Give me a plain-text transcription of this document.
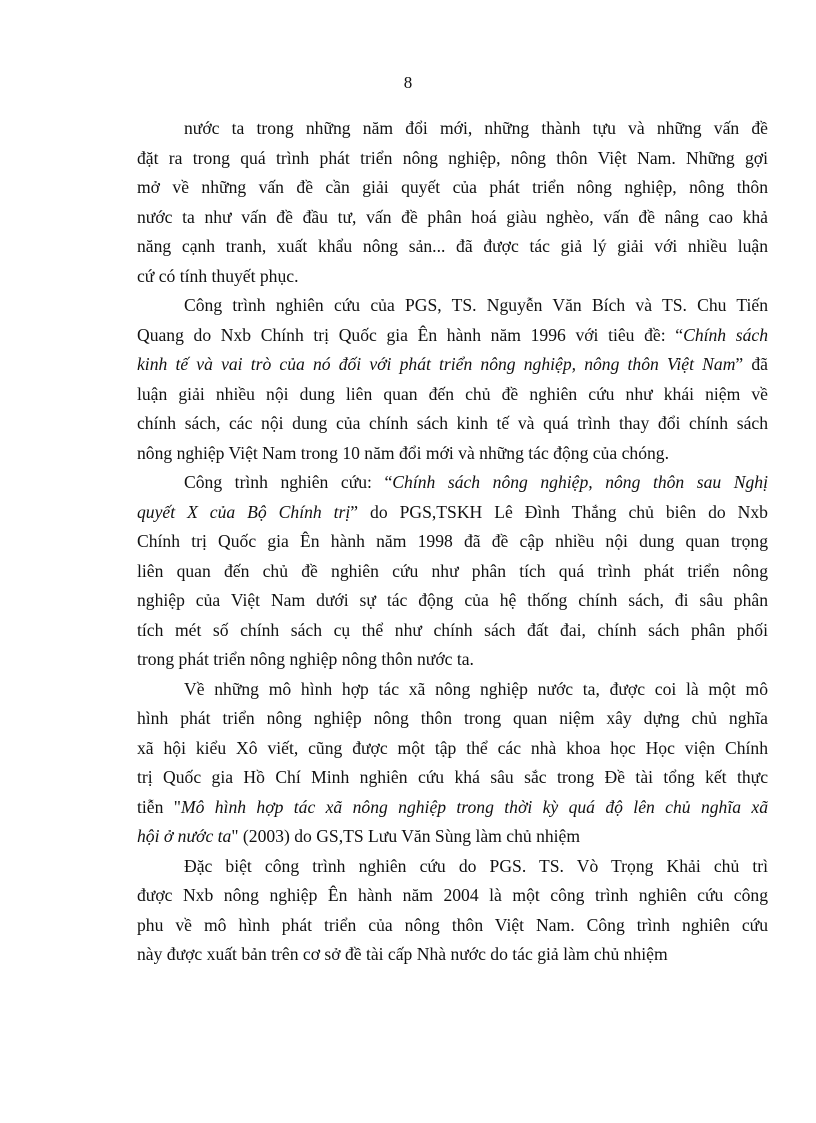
8
nước ta trong những năm đổi mới, những thành tựu và những vấn đề
đặt ra trong quá trình phát triển nông nghiệp, nông thôn Việt Nam. Những gợi
mở về những vấn đề cần giải quyết của phát triển nông nghiệp, nông thôn
nước ta như vấn đề đầu tư, vấn đề phân hoá giàu nghèo, vấn đề nâng cao khả
năng cạnh tranh, xuất khẩu nông sản... đã được tác giả lý giải với nhiều luận
cứ có tính thuyết phục.
Công trình nghiên cứu của PGS, TS. Nguyễn Văn Bích và TS. Chu Tiến
Quang do Nxb Chính trị Quốc gia Ên hành năm 1996 với tiêu đề: “Chính sách
kinh tế và vai trò của nó đối với phát triển nông nghiệp, nông thôn Việt Nam” đã
luận giải nhiều nội dung liên quan đến chủ đề nghiên cứu như khái niệm về
chính sách, các nội dung của chính sách kinh tế và quá trình thay đổi chính sách
nông nghiệp Việt Nam trong 10 năm đổi mới và những tác động của chóng.
Công trình nghiên cứu: “Chính sách nông nghiệp, nông thôn sau Nghị
quyết X của Bộ Chính trị” do PGS,TSKH Lê Đình Thắng chủ biên do Nxb
Chính trị Quốc gia Ên hành năm 1998 đã đề cập nhiều nội dung quan trọng
liên quan đến chủ đề nghiên cứu như phân tích quá trình phát triển nông
nghiệp của Việt Nam dưới sự tác động của hệ thống chính sách, đi sâu phân
tích mét số chính sách cụ thể như chính sách đất đai, chính sách phân phối
trong phát triển nông nghiệp nông thôn nước ta.
Về những mô hình hợp tác xã nông nghiệp nước ta, được coi là một mô
hình phát triển nông nghiệp nông thôn trong quan niệm xây dựng chủ nghĩa
xã hội kiểu Xô viết, cũng được một tập thể các nhà khoa học Học viện Chính
trị Quốc gia Hồ Chí Minh nghiên cứu khá sâu sắc trong Đề tài tổng kết thực
tiễn "Mô hình hợp tác xã nông nghiệp trong thời kỳ quá độ lên chủ nghĩa xã
hội ở nước ta" (2003) do GS,TS Lưu Văn Sùng làm chủ nhiệm
Đặc biệt công trình nghiên cứu do PGS. TS. Vò Trọng Khải chủ trì
được Nxb nông nghiệp Ên hành năm 2004 là một công trình nghiên cứu công
phu về mô hình phát triển của nông thôn Việt Nam. Công trình nghiên cứu
này được xuất bản trên cơ sở đề tài cấp Nhà nước do tác giả làm chủ nhiệm
